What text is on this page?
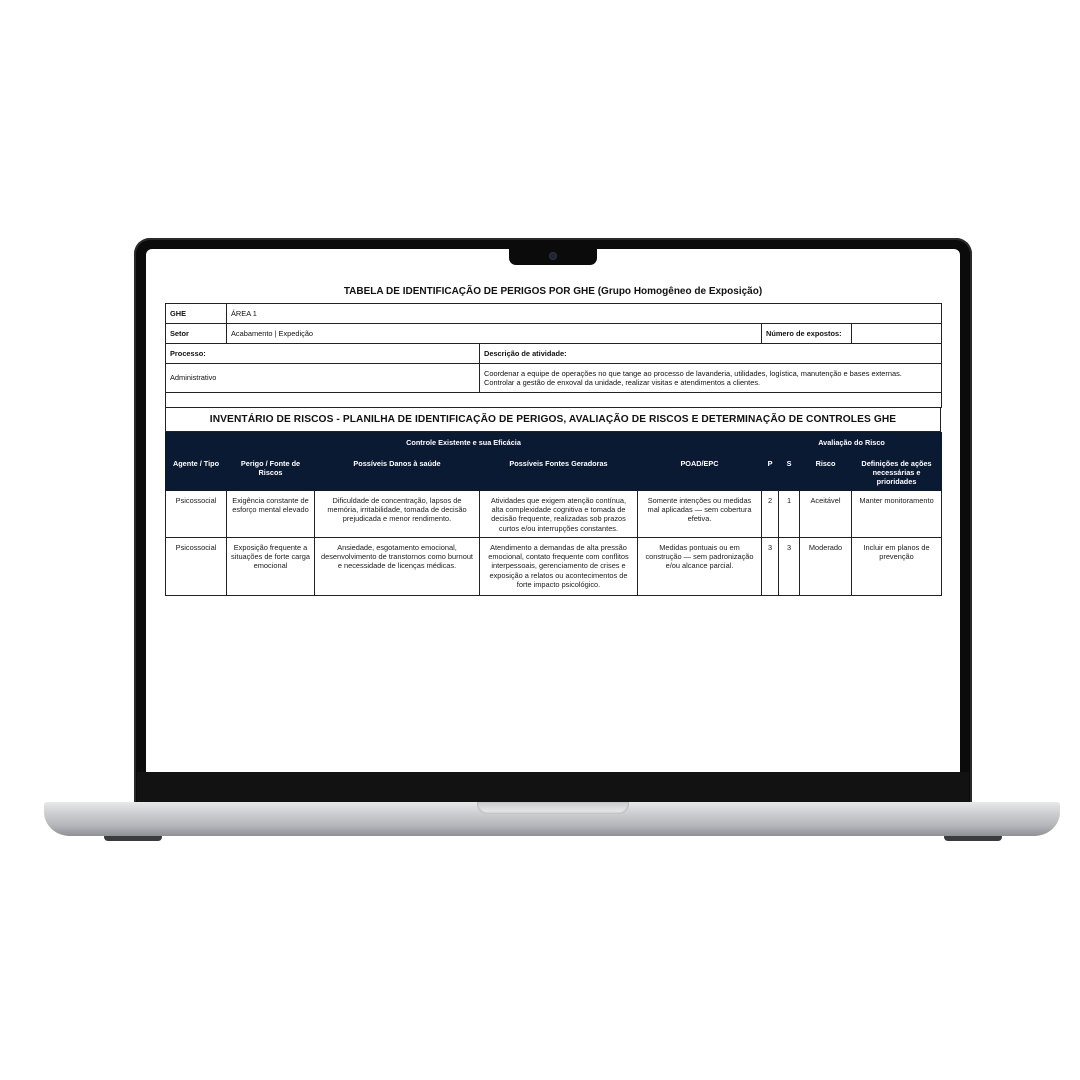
TABELA DE IDENTIFICAÇÃO DE PERIGOS POR GHE (Grupo Homogêneo de Exposição)
GHE	ÁREA 1			
Setor	Acabamento | Expedição		Número de expostos:	
Processo:		Descrição de atividade:		
Administrativo		Coordenar a equipe de operações no que tange ao processo de lavanderia, utilidades, logística, manutenção e bases externas.
Controlar a gestão de enxoval da unidade, realizar visitas e atendimentos a clientes.		

INVENTÁRIO DE RISCOS - PLANILHA DE IDENTIFICAÇÃO DE PERIGOS, AVALIAÇÃO DE RISCOS E DETERMINAÇÃO DE CONTROLES GHE
Controle Existente e sua Eficácia					Avaliação do Risco			
Agente / Tipo	Perigo / Fonte de Riscos	Possíveis Danos à saúde	Possíveis Fontes Geradoras	POAD/EPC	P	S	Risco	Definições de ações necessárias e prioridades
Psicossocial	Exigência constante de esforço mental elevado	Dificuldade de concentração, lapsos de memória, irritabilidade, tomada de decisão prejudicada e menor rendimento.	Atividades que exigem atenção contínua, alta complexidade cognitiva e tomada de decisão frequente, realizadas sob prazos curtos e/ou interrupções constantes.	Somente intenções ou medidas mal aplicadas — sem cobertura efetiva.	2	1	Aceitável	Manter monitoramento
Psicossocial	Exposição frequente a situações de forte carga emocional	Ansiedade, esgotamento emocional, desenvolvimento de transtornos como burnout e necessidade de licenças médicas.	Atendimento a demandas de alta pressão emocional, contato frequente com conflitos interpessoais, gerenciamento de crises e exposição a relatos ou acontecimentos de forte impacto psicológico.	Medidas pontuais ou em construção — sem padronização e/ou alcance parcial.	3	3	Moderado	Incluir em planos de prevenção
